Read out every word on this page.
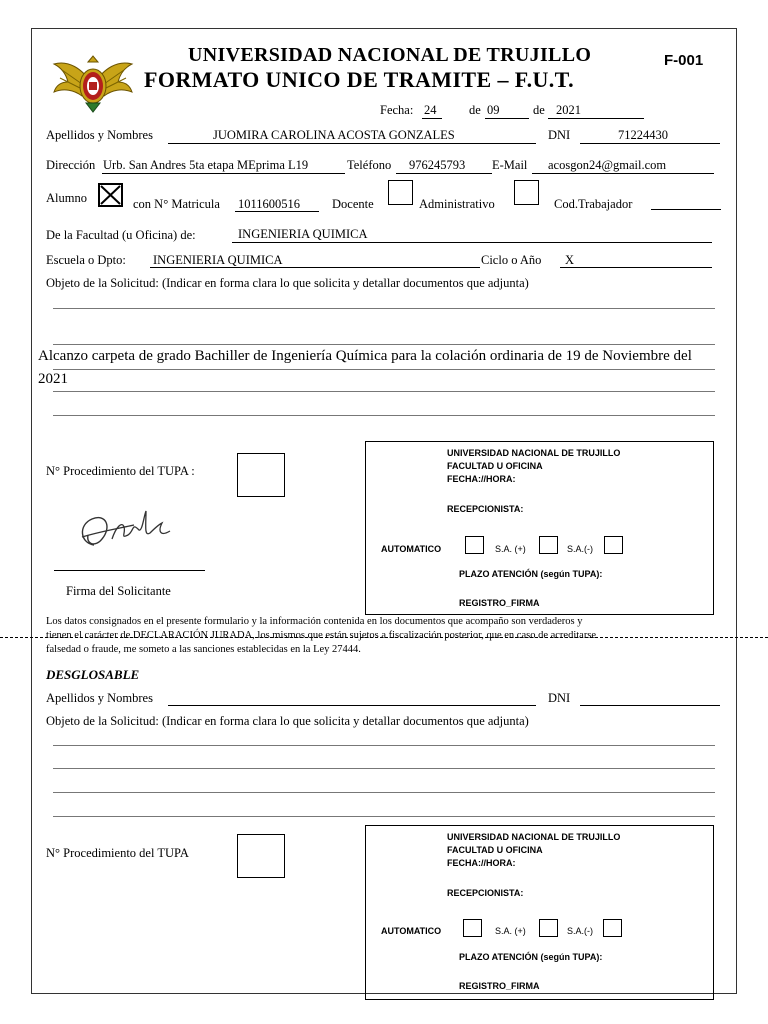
UNIVERSIDAD NACIONAL DE TRUJILLO
FORMATO UNICO DE TRAMITE – F.U.T.
F-001
Fecha: 24	de 09	de 2021
Apellidos y Nombres	JUOMIRA CAROLINA ACOSTA GONZALES	DNI	71224430
Dirección Urb. San Andres 5ta etapa MEprima L19	Teléfono 976245793 E-Mail acosgon24@gmail.com
Alumno	con N° Matricula 1011600516	Docente	Administrativo	Cod.Trabajador
De la Facultad (u Oficina) de:	INGENIERIA QUIMICA
Escuela o Dpto: INGENIERIA QUIMICA	Ciclo o Año X
Objeto de la Solicitud: (Indicar en forma clara lo que solicita y detallar documentos que adjunta)
Alcanzo carpeta de grado Bachiller de Ingeniería Química para la colación ordinaria de 19 de Noviembre del 2021
N° Procedimiento del TUPA :
Firma del Solicitante
UNIVERSIDAD NACIONAL DE TRUJILLO
FACULTAD U OFICINA
FECHA://HORA:
RECEPCIONISTA:
AUTOMATICO	S.A. (+)	S.A.(-)
PLAZO ATENCIÓN (según TUPA):
REGISTRO_FIRMA
Los datos consignados en el presente formulario y la información contenida en los documentos que acompaño son verdaderos y
tienen el carácter de DECLARACIÓN JURADA, los mismos que están sujetos a fiscalización posterior, que en caso de acreditarse
falsedad o fraude, me someto a las sanciones establecidas en la Ley 27444.
DESGLOSABLE
Apellidos y Nombres	DNI
Objeto de la Solicitud: (Indicar en forma clara lo que solicita y detallar documentos que adjunta)
N° Procedimiento del TUPA
UNIVERSIDAD NACIONAL DE TRUJILLO
FACULTAD U OFICINA
FECHA://HORA:
RECEPCIONISTA:
AUTOMATICO	S.A. (+)	S.A.(-)
PLAZO ATENCIÓN (según TUPA):
REGISTRO_FIRMA
